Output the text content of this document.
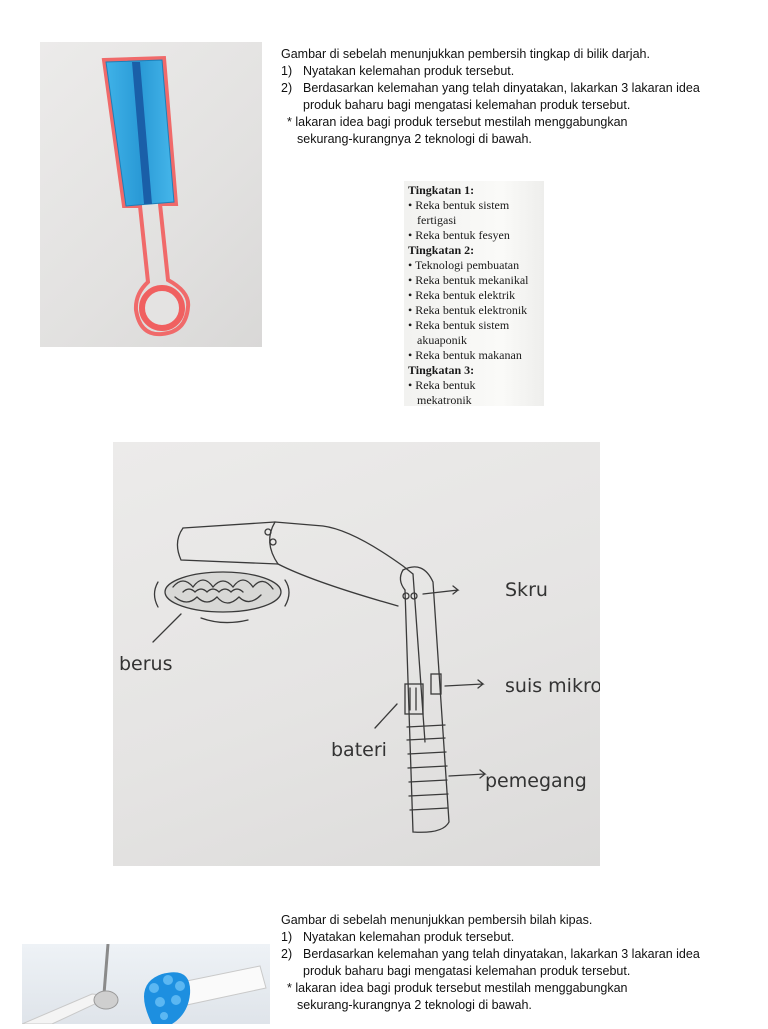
Gambar di sebelah menunjukkan pembersih tingkap di bilik darjah.

1) Nyatakan kelemahan produk tersebut.
2) Berdasarkan kelemahan yang telah dinyatakan, lakarkan 3 lakaran idea

produk baharu bagi mengatasi kelemahan produk tersebut.

* lakaran idea bagi produk tersebut mestilah menggabungkan

sekurang-kurangnya 2 teknologi di bawah.

Tingkatan 1:
• Reka bentuk sistem
fertigasi
• Reka bentuk fesyen
Tingkatan 2:
• Teknologi pembuatan
• Reka bentuk mekanikal
• Reka bentuk elektrik
• Reka bentuk elektronik
• Reka bentuk sistem
akuaponik
• Reka bentuk makanan
Tingkatan 3:
• Reka bentuk
mekatronik
Skru
suis mikro
berus
bateri
pemegang

Gambar di sebelah menunjukkan pembersih bilah kipas.

1) Nyatakan kelemahan produk tersebut.
2) Berdasarkan kelemahan yang telah dinyatakan, lakarkan 3 lakaran idea

produk baharu bagi mengatasi kelemahan produk tersebut.

* lakaran idea bagi produk tersebut mestilah menggabungkan

sekurang-kurangnya 2 teknologi di bawah.
